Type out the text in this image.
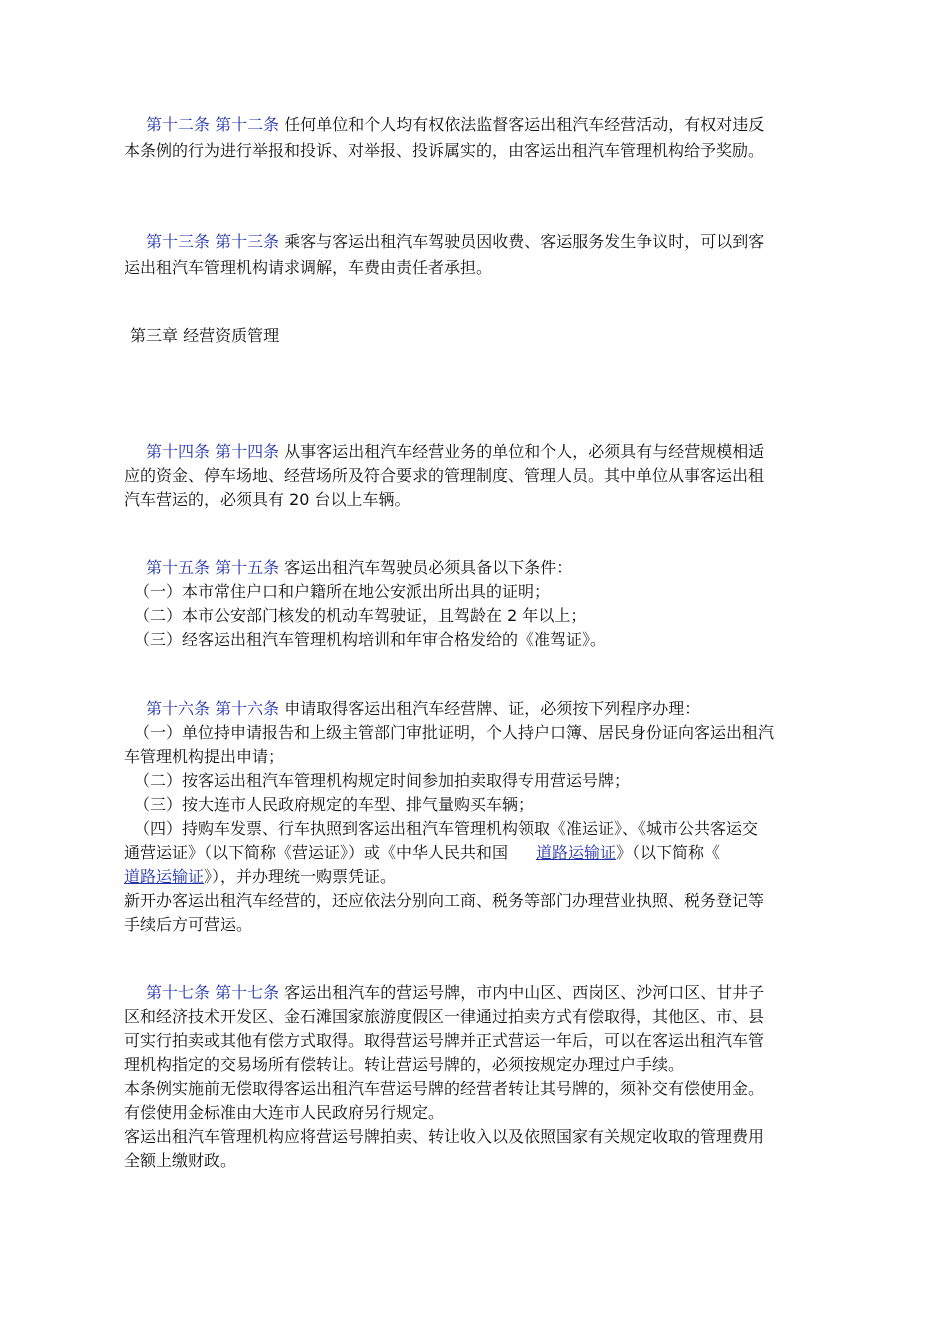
第十二条 第十二条 任何单位和个人均有权依法监督客运出租汽车经营活动，有权对违反
本条例的行为进行举报和投诉、对举报、投诉属实的，由客运出租汽车管理机构给予奖励。
第十三条 第十三条 乘客与客运出租汽车驾驶员因收费、客运服务发生争议时，可以到客
运出租汽车管理机构请求调解，车费由责任者承担。
第三章 经营资质管理
第十四条 第十四条 从事客运出租汽车经营业务的单位和个人，必须具有与经营规模相适
应的资金、停车场地、经营场所及符合要求的管理制度、管理人员。其中单位从事客运出租
汽车营运的，必须具有 20 台以上车辆。
第十五条 第十五条 客运出租汽车驾驶员必须具备以下条件：
（一）本市常住户口和户籍所在地公安派出所出具的证明；
（二）本市公安部门核发的机动车驾驶证，且驾龄在 2 年以上；
（三）经客运出租汽车管理机构培训和年审合格发给的《准驾证》。
第十六条 第十六条 申请取得客运出租汽车经营牌、证，必须按下列程序办理：
（一）单位持申请报告和上级主管部门审批证明，个人持户口簿、居民身份证向客运出租汽
车管理机构提出申请；
（二）按客运出租汽车管理机构规定时间参加拍卖取得专用营运号牌；
（三）按大连市人民政府规定的车型、排气量购买车辆；
（四）持购车发票、行车执照到客运出租汽车管理机构领取《准运证》、《城市公共客运交
通营运证》（以下简称《营运证》）或《中华人民共和国 道路运输证》（以下简称《
道路运输证》），并办理统一购票凭证。
新开办客运出租汽车经营的，还应依法分别向工商、税务等部门办理营业执照、税务登记等
手续后方可营运。
第十七条 第十七条 客运出租汽车的营运号牌，市内中山区、西岗区、沙河口区、甘井子
区和经济技术开发区、金石滩国家旅游度假区一律通过拍卖方式有偿取得，其他区、市、县
可实行拍卖或其他有偿方式取得。取得营运号牌并正式营运一年后，可以在客运出租汽车管
理机构指定的交易场所有偿转让。转让营运号牌的，必须按规定办理过户手续。
本条例实施前无偿取得客运出租汽车营运号牌的经营者转让其号牌的，须补交有偿使用金。
有偿使用金标准由大连市人民政府另行规定。
客运出租汽车管理机构应将营运号牌拍卖、转让收入以及依照国家有关规定收取的管理费用
全额上缴财政。
